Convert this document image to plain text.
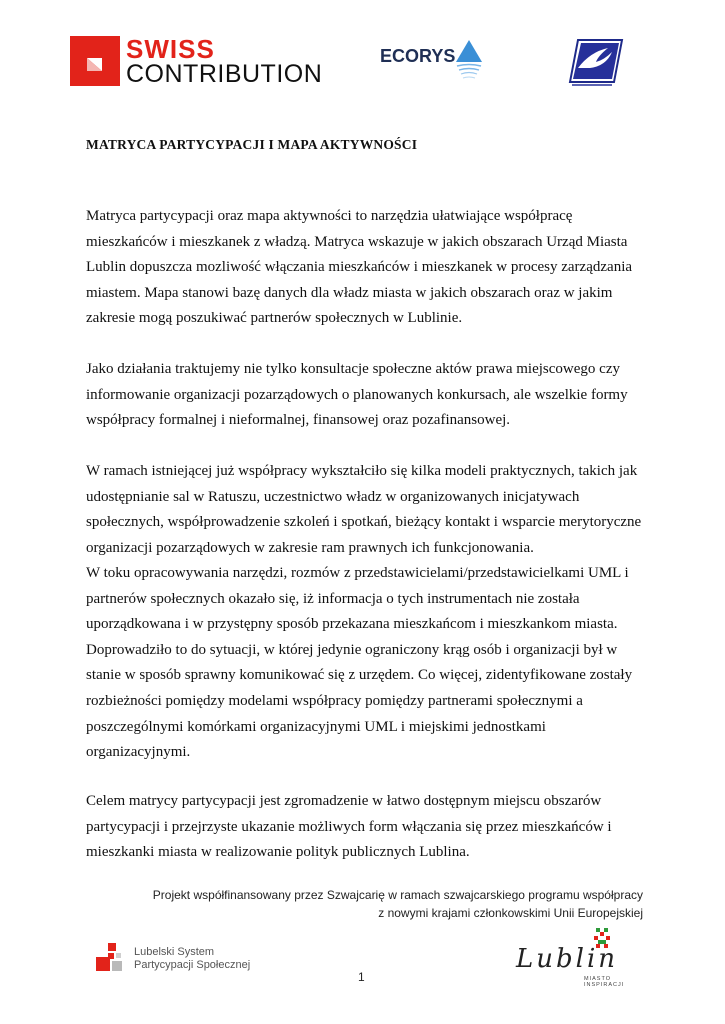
SWISS
CONTRIBUTION
ECORYS

MATRYCA PARTYCYPACJI I MAPA AKTYWNOŚCI

Matryca partycypacji oraz mapa aktywności to narzędzia ułatwiające współpracę mieszkańców i mieszkanek z władzą. Matryca wskazuje w jakich obszarach Urząd Miasta Lublin dopuszcza mozliwość włączania mieszkańców i mieszkanek w procesy zarządzania miastem. Mapa stanowi bazę danych dla władz miasta w jakich obszarach oraz w jakim zakresie mogą poszukiwać partnerów społecznych w Lublinie.

Jako działania traktujemy nie tylko konsultacje społeczne aktów prawa miejscowego czy informowanie organizacji pozarządowych o planowanych konkursach, ale wszelkie formy współpracy formalnej i nieformalnej, finansowej oraz pozafinansowej.

W ramach istniejącej już współpracy wykształciło się kilka modeli praktycznych, takich jak udostępnianie sal w Ratuszu, uczestnictwo władz w organizowanych inicjatywach społecznych, współprowadzenie szkoleń i spotkań, bieżący kontakt i wsparcie merytoryczne organizacji pozarządowych w zakresie ram prawnych ich funkcjonowania.

W toku opracowywania narzędzi, rozmów z przedstawicielami/przedstawicielkami UML i partnerów społecznych okazało się, iż informacja o tych instrumentach nie została uporządkowana i w przystępny sposób przekazana mieszkańcom i mieszkankom miasta. Doprowadziło to do sytuacji, w której jedynie ograniczony krąg osób i organizacji był w stanie w sposób sprawny komunikować się z urzędem. Co więcej, zidentyfikowane zostały rozbieżności pomiędzy modelami współpracy pomiędzy partnerami społecznymi a poszczególnymi komórkami organizacyjnymi UML i miejskimi jednostkami organizacyjnymi.

Celem matrycy partycypacji jest zgromadzenie w łatwo dostępnym miejscu obszarów partycypacji i przejrzyste ukazanie możliwych form włączania się przez mieszkańców i mieszkanki miasta w realizowanie polityk publicznych Lublina.

Projekt współfinansowany przez Szwajcarię w ramach szwajcarskiego programu współpracy

z nowymi krajami członkowskimi Unii Europejskiej

Lubelski System
Partycypacji Społecznej

1

Lublin
MIASTO INSPIRACJI
